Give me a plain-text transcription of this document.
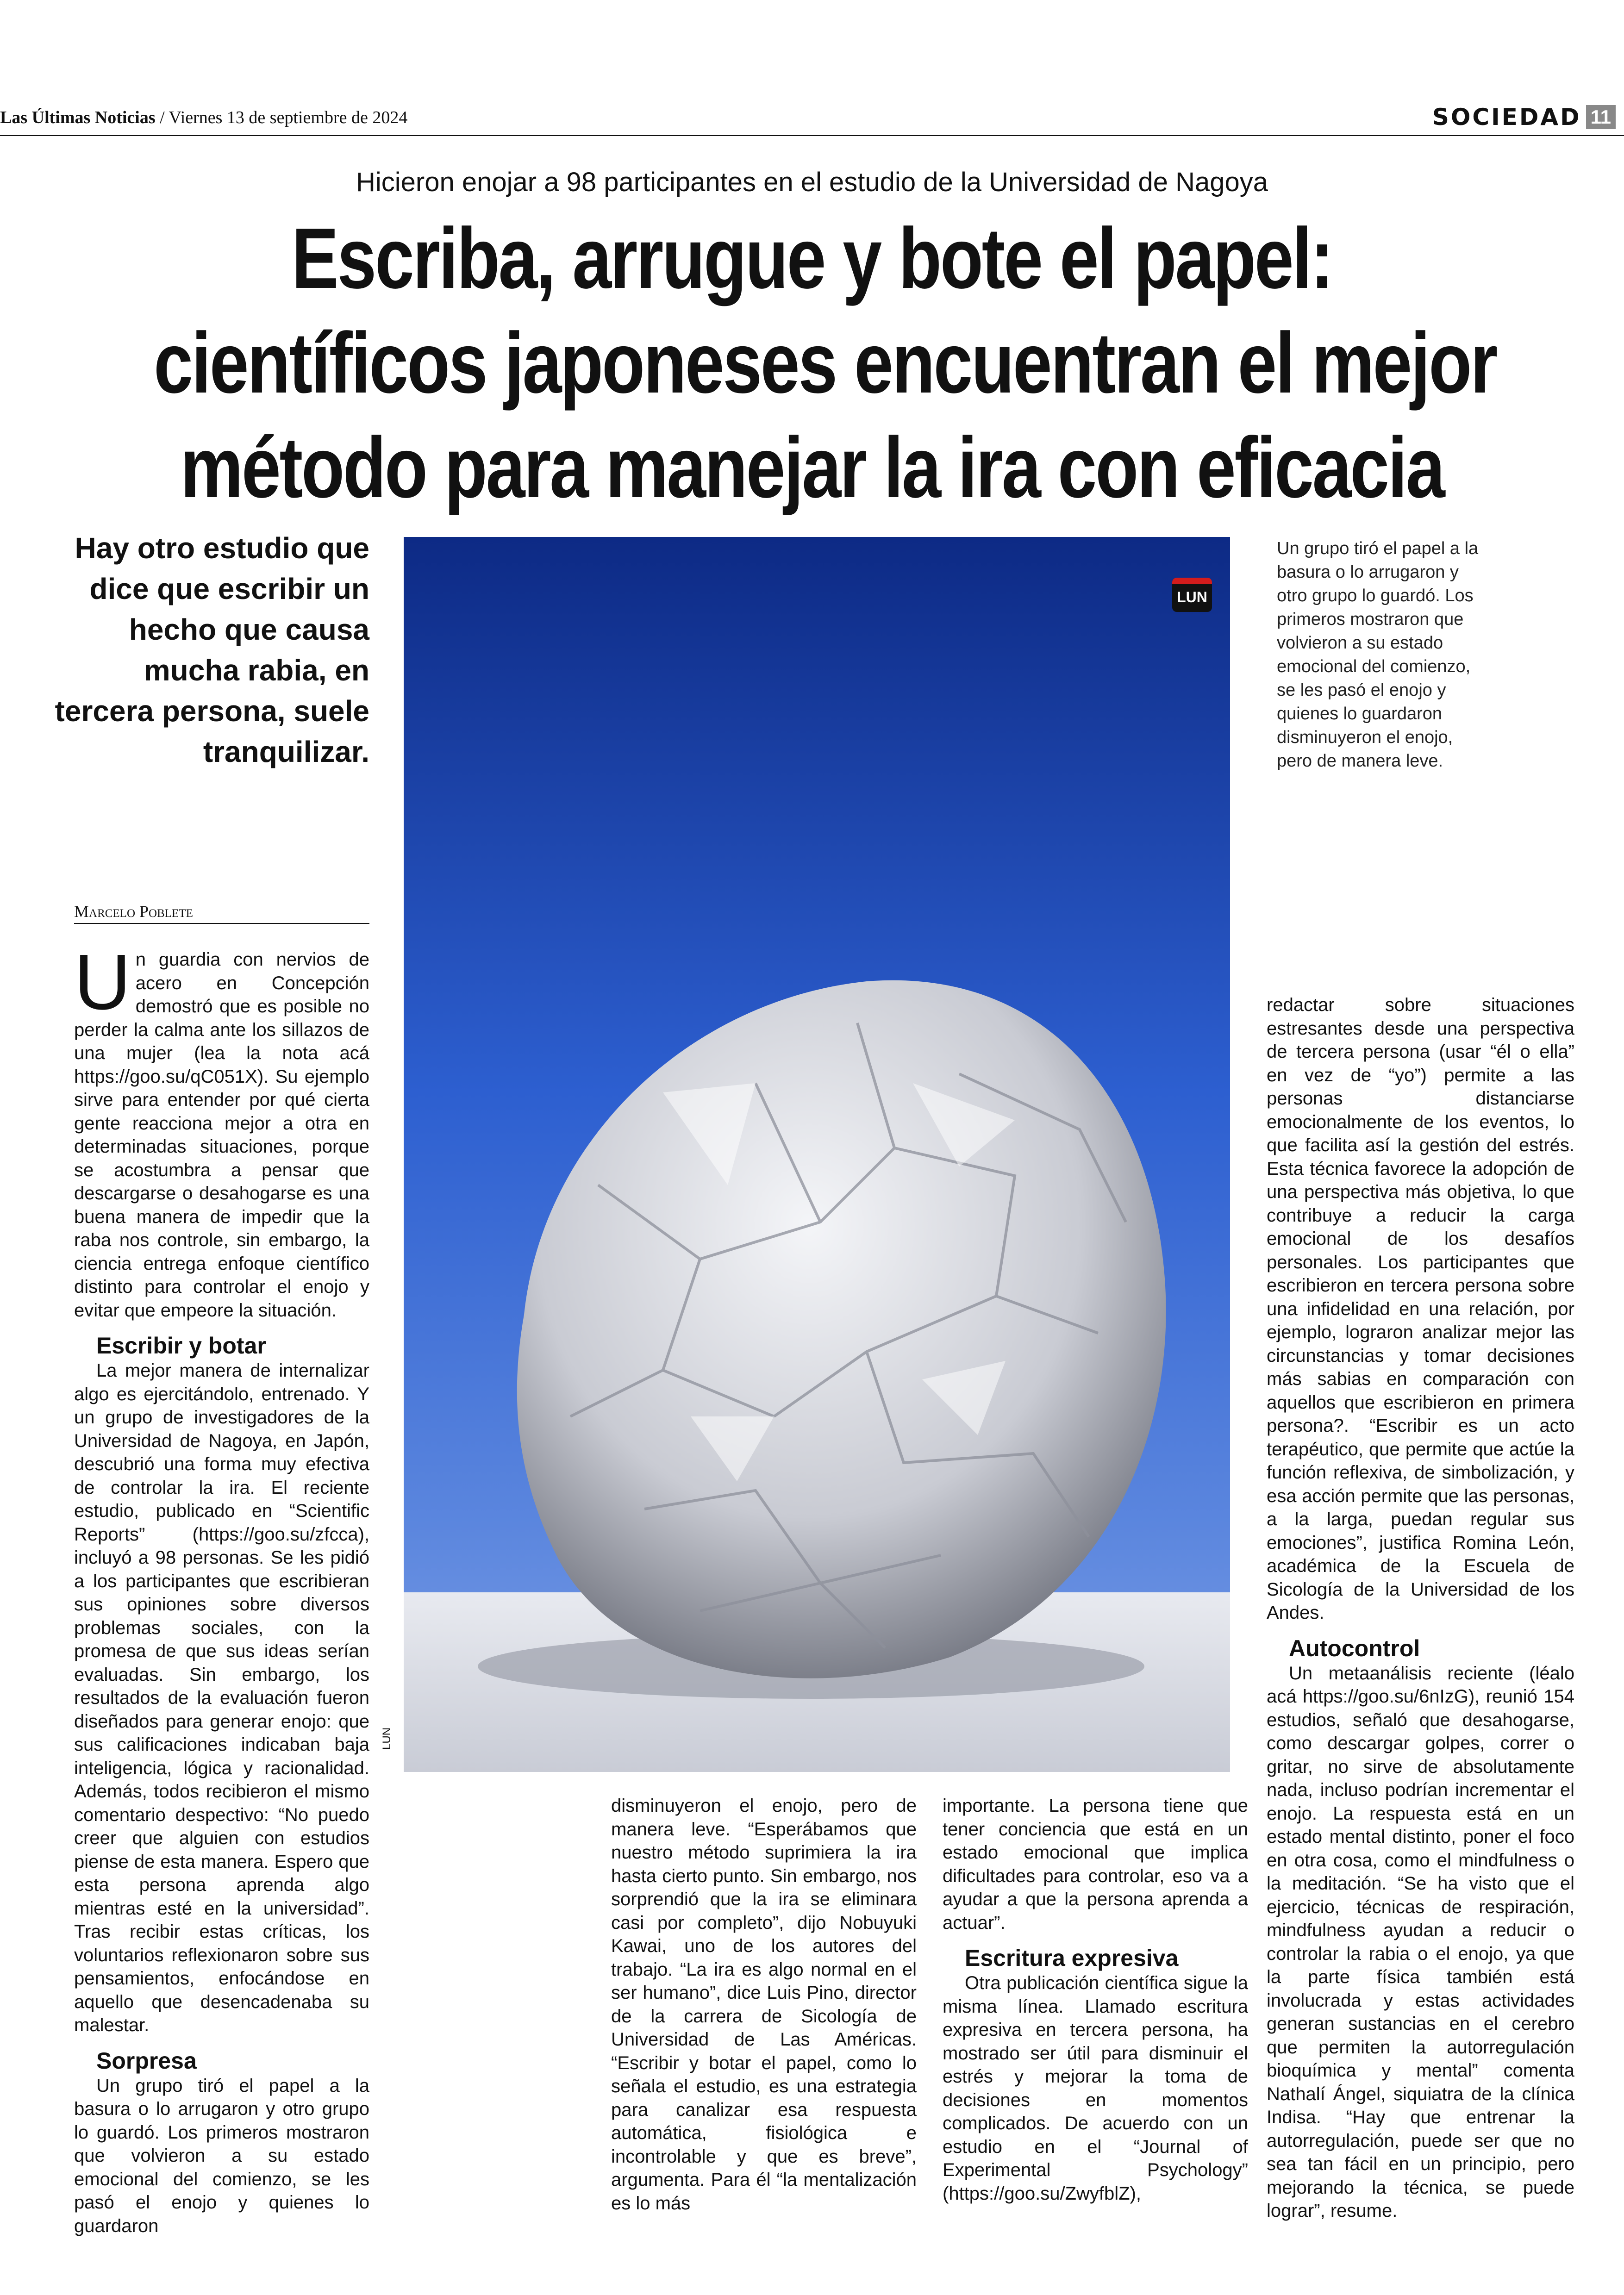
Las Últimas Noticias / Viernes 13 de septiembre de 2024	SOCIEDAD 11
Hicieron enojar a 98 participantes en el estudio de la Universidad de Nagoya
Escriba, arrugue y bote el papel:
científicos japoneses encuentran el mejor
método para manejar la ira con eficacia
Hay otro estudio que dice que escribir un hecho que causa mucha rabia, en tercera persona, suele tranquilizar.
LUN
LUN
Un grupo tiró el papel a la basura o lo arrugaron y otro grupo lo guardó. Los primeros mostraron que volvieron a su estado emocional del comienzo, se les pasó el enojo y quienes lo guardaron disminuyeron el enojo, pero de manera leve.
Marcelo Poblete
U n guardia con nervios de acero en Concepción demostró que es posible no perder la calma ante los sillazos de una mujer (lea la nota acá https://goo.su/qC051X). Su ejemplo sirve para entender por qué cierta gente reacciona mejor a otra en determinadas situaciones, porque se acostumbra a pensar que descargarse o desahogarse es una buena manera de impedir que la raba nos controle, sin embargo, la ciencia entrega enfoque científico distinto para controlar el enojo y evitar que empeore la situación.

Escribir y botar

La mejor manera de internalizar algo es ejercitándolo, entrenado. Y un grupo de investigadores de la Universidad de Nagoya, en Japón, descubrió una forma muy efectiva de controlar la ira. El reciente estudio, publicado en “Scientific Reports” (https://goo.su/zfcca), incluyó a 98 personas. Se les pidió a los participantes que escribieran sus opiniones sobre diversos problemas sociales, con la promesa de que sus ideas serían evaluadas. Sin embargo, los resultados de la evaluación fueron diseñados para generar enojo: que sus calificaciones indicaban baja inteligencia, lógica y racionalidad. Además, todos recibieron el mismo comentario despectivo: “No puedo creer que alguien con estudios piense de esta manera. Espero que esta persona aprenda algo mientras esté en la universidad”. Tras recibir estas críticas, los voluntarios reflexionaron sobre sus pensamientos, enfocándose en aquello que desencadenaba su malestar.

Sorpresa

Un grupo tiró el papel a la basura o lo arrugaron y otro grupo lo guardó. Los primeros mostraron que volvieron a su estado emocional del comienzo, se les pasó el enojo y quienes lo guardaron

disminuyeron el enojo, pero de manera leve. “Esperábamos que nuestro método suprimiera la ira hasta cierto punto. Sin embargo, nos sorprendió que la ira se eliminara casi por completo”, dijo Nobuyuki Kawai, uno de los autores del trabajo. “La ira es algo normal en el ser humano”, dice Luis Pino, director de la carrera de Sicología de Universidad de Las Américas. “Escribir y botar el papel, como lo señala el estudio, es una estrategia para canalizar esa respuesta automática, fisiológica e incontrolable y que es breve”, argumenta. Para él “la mentalización es lo más

importante. La persona tiene que tener conciencia que está en un estado emocional que implica dificultades para controlar, eso va a ayudar a que la persona aprenda a actuar”.

Escritura expresiva

Otra publicación científica sigue la misma línea. Llamado escritura expresiva en tercera persona, ha mostrado ser útil para disminuir el estrés y mejorar la toma de decisiones en momentos complicados. De acuerdo con un estudio en el “Journal of Experimental Psychology” (https://goo.su/ZwyfblZ),

redactar sobre situaciones estresantes desde una perspectiva de tercera persona (usar “él o ella” en vez de “yo”) permite a las personas distanciarse emocionalmente de los eventos, lo que facilita así la gestión del estrés. Esta técnica favorece la adopción de una perspectiva más objetiva, lo que contribuye a reducir la carga emocional de los desafíos personales. Los participantes que escribieron en tercera persona sobre una infidelidad en una relación, por ejemplo, lograron analizar mejor las circunstancias y tomar decisiones más sabias en comparación con aquellos que escribieron en primera persona?. “Escribir es un acto terapéutico, que permite que actúe la función reflexiva, de simbolización, y esa acción permite que las personas, a la larga, puedan regular sus emociones”, justifica Romina León, académica de la Escuela de Sicología de la Universidad de los Andes.

Autocontrol

Un metaanálisis reciente (léalo acá https://goo.su/6nIzG), reunió 154 estudios, señaló que desahogarse, como descargar golpes, correr o gritar, no sirve de absolutamente nada, incluso podrían incrementar el enojo. La respuesta está en un estado mental distinto, poner el foco en otra cosa, como el mindfulness o la meditación. “Se ha visto que el ejercicio, técnicas de respiración, mindfulness ayudan a reducir o controlar la rabia o el enojo, ya que la parte física también está involucrada y estas actividades generan sustancias en el cerebro que permiten la autorregulación bioquímica y mental” comenta Nathalí Ángel, siquiatra de la clínica Indisa. “Hay que entrenar la autorregulación, puede ser que no sea tan fácil en un principio, pero mejorando la técnica, se puede lograr”, resume.
